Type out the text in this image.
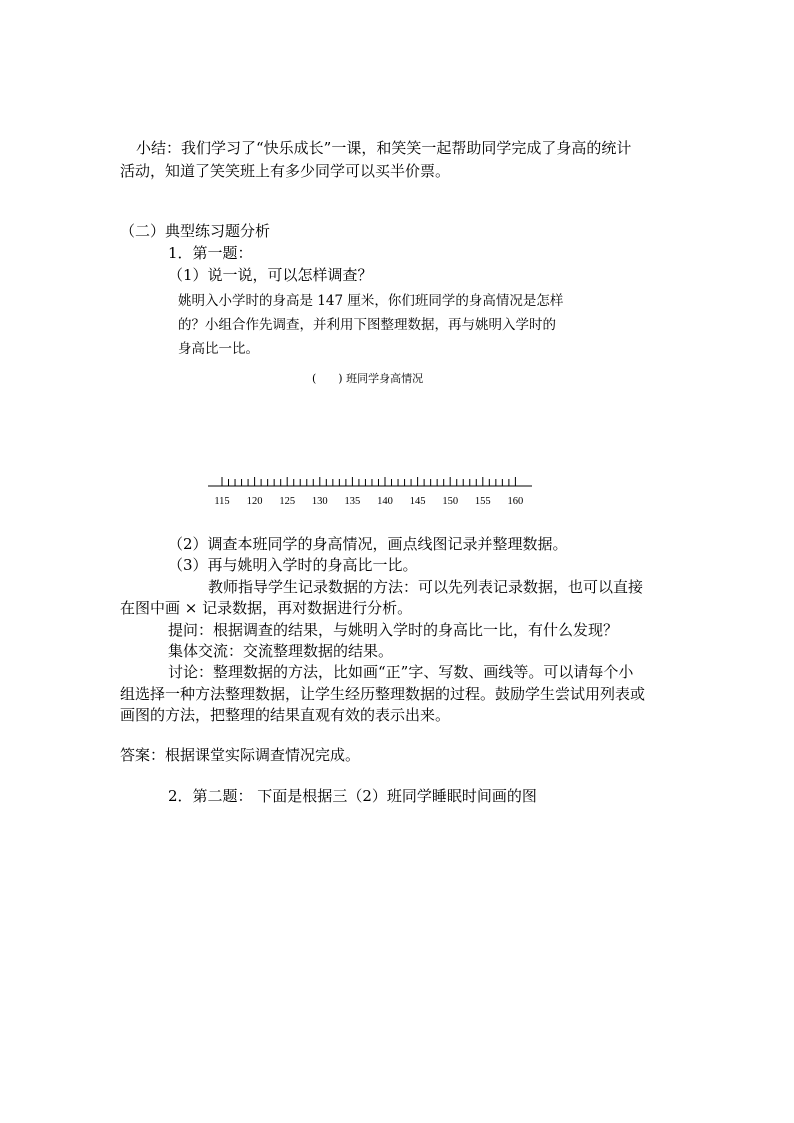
小结：我们学习了“快乐成长”一课，和笑笑一起帮助同学完成了身高的统计

活动，知道了笑笑班上有多少同学可以买半价票。

（二）典型练习题分析

1．第一题：

（1）说一说，可以怎样调查？

姚明入小学时的身高是 147 厘米，你们班同学的身高情况是怎样

的？小组合作先调查，并利用下图整理数据，再与姚明入学时的

身高比一比。

(　　) 班同学身高情况

115 120 125 130 135 140 145 150 155 160

（2）调查本班同学的身高情况，画点线图记录并整理数据。

（3）再与姚明入学时的身高比一比。

教师指导学生记录数据的方法：可以先列表记录数据，也可以直接

在图中画 × 记录数据，再对数据进行分析。

提问：根据调查的结果，与姚明入学时的身高比一比，有什么发现？

集体交流：交流整理数据的结果。

讨论：整理数据的方法，比如画“正”字、写数、画线等。可以请每个小

组选择一种方法整理数据，让学生经历整理数据的过程。鼓励学生尝试用列表或

画图的方法，把整理的结果直观有效的表示出来。

答案：根据课堂实际调查情况完成。

2．第二题： 下面是根据三（2）班同学睡眠时间画的图
